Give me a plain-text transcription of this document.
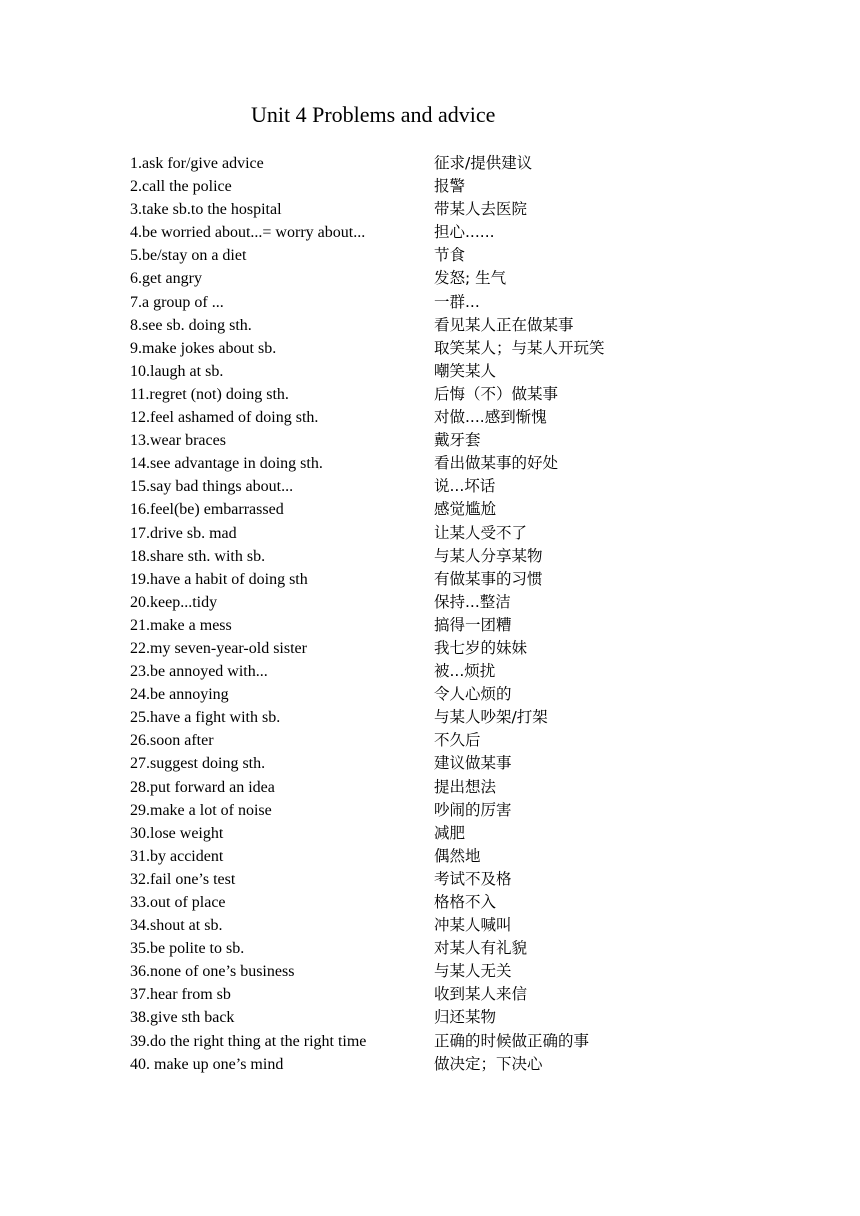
Unit 4 Problems and advice
1.ask for/give advice	征求/提供建议
2.call the police	报警
3.take sb.to the hospital	带某人去医院
4.be worried about...= worry about...	担心......
5.be/stay on a diet	节食
6.get angry	发怒; 生气
7.a group of ...	一群...
8.see sb. doing sth.	看见某人正在做某事
9.make jokes about sb.	取笑某人；与某人开玩笑
10.laugh at sb.	嘲笑某人
11.regret (not) doing sth.	后悔（不）做某事
12.feel ashamed of doing sth.	对做....感到惭愧
13.wear braces	戴牙套
14.see advantage in doing sth.	看出做某事的好处
15.say bad things about...	说...坏话
16.feel(be) embarrassed	感觉尴尬
17.drive sb. mad	让某人受不了
18.share sth. with sb.	与某人分享某物
19.have a habit of doing sth	有做某事的习惯
20.keep...tidy	保持...整洁
21.make a mess	搞得一团糟
22.my seven-year-old sister	我七岁的妹妹
23.be annoyed with...	被...烦扰
24.be annoying	令人心烦的
25.have a fight with sb.	与某人吵架/打架
26.soon after	不久后
27.suggest doing sth.	建议做某事
28.put forward an idea	提出想法
29.make a lot of noise	吵闹的厉害
30.lose weight	减肥
31.by accident	偶然地
32.fail one’s test	考试不及格
33.out of place	格格不入
34.shout at sb.	冲某人喊叫
35.be polite to sb.	对某人有礼貌
36.none of one’s business	与某人无关
37.hear from sb	收到某人来信
38.give sth back	归还某物
39.do the right thing at the right time	正确的时候做正确的事
40. make up one’s mind	做决定；下决心
